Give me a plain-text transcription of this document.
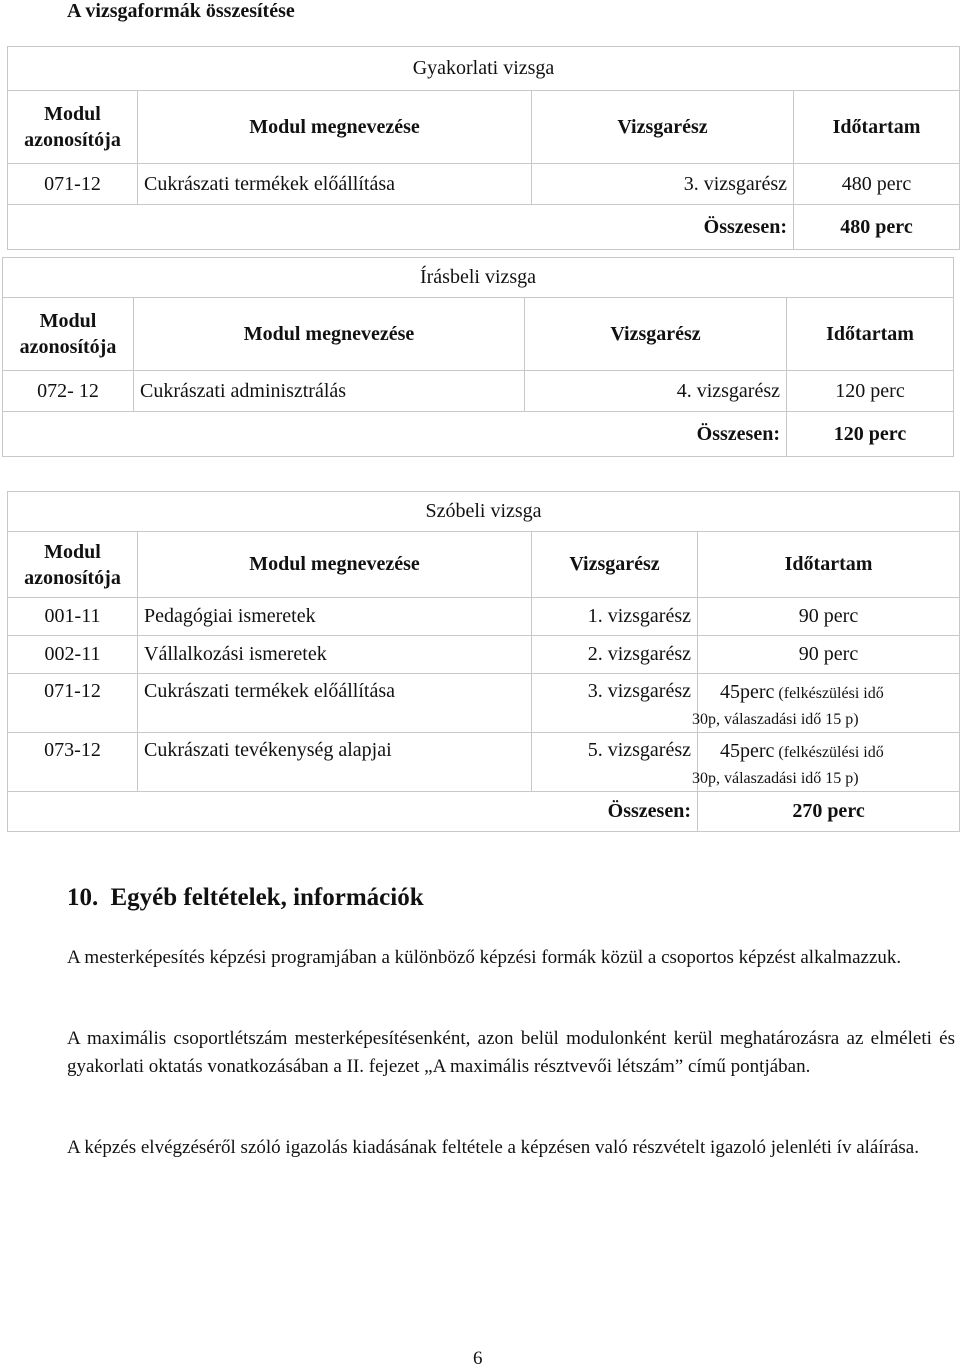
A vizsgaformák összesítése
Gyakorlati vizsga			
Modul azonosítója	Modul megnevezése	Vizsgarész	Időtartam
071-12	Cukrászati termékek előállítása	3. vizsgarész	480 perc
Összesen:			480 perc
Írásbeli vizsga			
Modul azonosítója	Modul megnevezése	Vizsgarész	Időtartam
072- 12	Cukrászati adminisztrálás	4. vizsgarész	120 perc
Összesen:			120 perc
Szóbeli vizsga			
Modul azonosítója	Modul megnevezése	Vizsgarész	Időtartam
001-11	Pedagógiai ismeretek	1. vizsgarész	90 perc
002-11	Vállalkozási ismeretek	2. vizsgarész	90 perc
071-12	Cukrászati termékek előállítása	3. vizsgarész	45perc (felkészülési idő
30p, válaszadási idő 15 p)
073-12	Cukrászati tevékenység alapjai	5. vizsgarész	45perc (felkészülési idő
30p, válaszadási idő 15 p)
Összesen:			270 perc
10. Egyéb feltételek, információk

A mesterképesítés képzési programjában a különböző képzési formák közül a csoportos képzést alkalmazzuk.

A maximális csoportlétszám mesterképesítésenként, azon belül modulonként kerül meghatározásra az elméleti és gyakorlati oktatás vonatkozásában a II. fejezet „A maximális résztvevői létszám” című pontjában.

A képzés elvégzéséről szóló igazolás kiadásának feltétele a képzésen való részvételt igazoló jelenléti ív aláírása.

6
